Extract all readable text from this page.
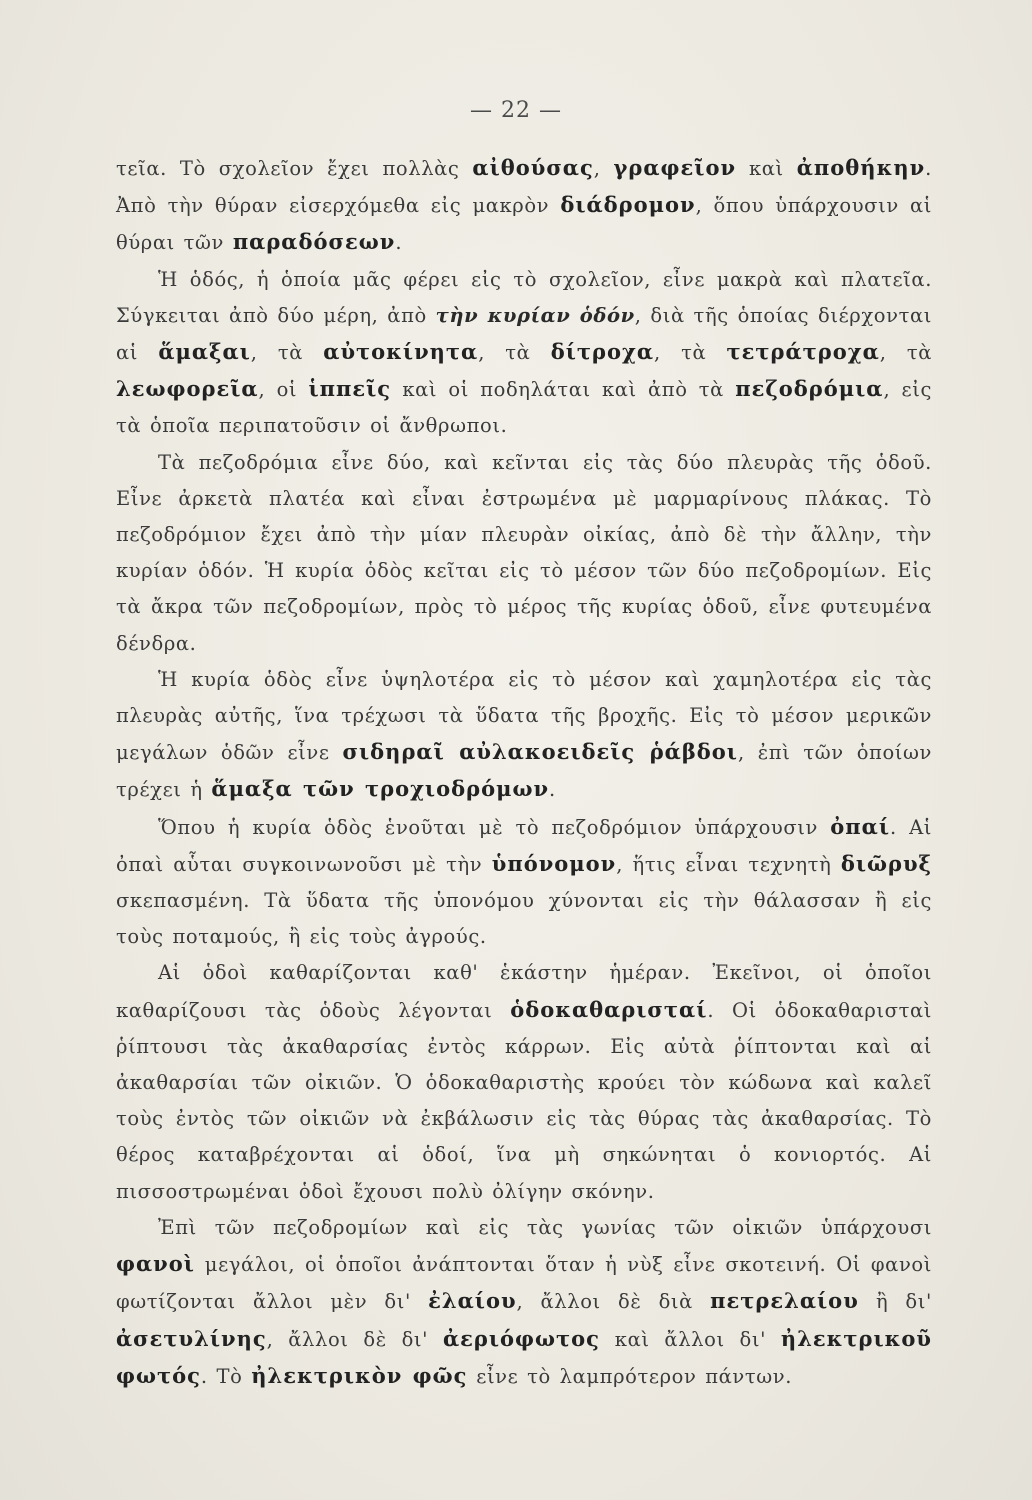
— 22 —

τεῖα. Τὸ σχολεῖον ἔχει πολλὰς αἰθούσας, γραφεῖον καὶ ἀποθήκην. Ἀπὸ τὴν θύραν εἰσερχόμεθα εἰς μακρὸν διάδρομον, ὅπου ὑπάρχουσιν αἱ θύραι τῶν παραδόσεων.

Ἡ ὁδός, ἡ ὁποία μᾶς φέρει εἰς τὸ σχολεῖον, εἶνε μακρὰ καὶ πλατεῖα. Σύγκειται ἀπὸ δύο μέρη, ἀπὸ τὴν κυρίαν ὁδόν, διὰ τῆς ὁποίας διέρχονται αἱ ἅμαξαι, τὰ αὐτοκίνητα, τὰ δίτροχα, τὰ τετράτροχα, τὰ λεωφορεῖα, οἱ ἱππεῖς καὶ οἱ ποδηλάται καὶ ἀπὸ τὰ πεζοδρόμια, εἰς τὰ ὁποῖα περιπατοῦσιν οἱ ἄνθρωποι.

Τὰ πεζοδρόμια εἶνε δύο, καὶ κεῖνται εἰς τὰς δύο πλευρὰς τῆς ὁδοῦ. Εἶνε ἀρκετὰ πλατέα καὶ εἶναι ἐστρωμένα μὲ μαρμαρίνους πλάκας. Τὸ πεζοδρόμιον ἔχει ἀπὸ τὴν μίαν πλευρὰν οἰκίας, ἀπὸ δὲ τὴν ἄλλην, τὴν κυρίαν ὁδόν. Ἡ κυρία ὁδὸς κεῖται εἰς τὸ μέσον τῶν δύο πεζοδρομίων. Εἰς τὰ ἄκρα τῶν πεζοδρομίων, πρὸς τὸ μέρος τῆς κυρίας ὁδοῦ, εἶνε φυτευμένα δένδρα.

Ἡ κυρία ὁδὸς εἶνε ὑψηλοτέρα εἰς τὸ μέσον καὶ χαμηλοτέρα εἰς τὰς πλευρὰς αὐτῆς, ἵνα τρέχωσι τὰ ὕδατα τῆς βροχῆς. Εἰς τὸ μέσον μερικῶν μεγάλων ὁδῶν εἶνε σιδηραῖ αὐλακοειδεῖς ῥάβδοι, ἐπὶ τῶν ὁποίων τρέχει ἡ ἅμαξα τῶν τροχιοδρόμων.

Ὅπου ἡ κυρία ὁδὸς ἑνοῦται μὲ τὸ πεζοδρόμιον ὑπάρχουσιν ὀπαί. Αἱ ὀπαὶ αὗται συγκοινωνοῦσι μὲ τὴν ὑπόνομον, ἥτις εἶναι τεχνητὴ διῶρυξ σκεπασμένη. Τὰ ὕδατα τῆς ὑπονόμου χύνονται εἰς τὴν θάλασσαν ἢ εἰς τοὺς ποταμούς, ἢ εἰς τοὺς ἀγρούς.

Αἱ ὁδοὶ καθαρίζονται καθ' ἑκάστην ἡμέραν. Ἐκεῖνοι, οἱ ὁποῖοι καθαρίζουσι τὰς ὁδοὺς λέγονται ὁδοκαθαρισταί. Οἱ ὁδοκαθαρισταὶ ῥίπτουσι τὰς ἀκαθαρσίας ἐντὸς κάρρων. Εἰς αὐτὰ ῥίπτονται καὶ αἱ ἀκαθαρσίαι τῶν οἰκιῶν. Ὁ ὁδοκαθαριστὴς κρούει τὸν κώδωνα καὶ καλεῖ τοὺς ἐντὸς τῶν οἰκιῶν νὰ ἐκβάλωσιν εἰς τὰς θύρας τὰς ἀκαθαρσίας. Τὸ θέρος καταβρέχονται αἱ ὁδοί, ἵνα μὴ σηκώνηται ὁ κονιορτός. Αἱ πισσοστρωμέναι ὁδοὶ ἔχουσι πολὺ ὀλίγην σκόνην.

Ἐπὶ τῶν πεζοδρομίων καὶ εἰς τὰς γωνίας τῶν οἰκιῶν ὑπάρχουσι φανοὶ μεγάλοι, οἱ ὁποῖοι ἀνάπτονται ὅταν ἡ νὺξ εἶνε σκοτεινή. Οἱ φανοὶ φωτίζονται ἄλλοι μὲν δι' ἐλαίου, ἄλλοι δὲ διὰ πετρελαίου ἢ δι' ἀσετυλίνης, ἄλλοι δὲ δι' ἀεριόφωτος καὶ ἄλλοι δι' ἠλεκτρικοῦ φωτός. Τὸ ἠλεκτρικὸν φῶς εἶνε τὸ λαμπρότερον πάντων.
